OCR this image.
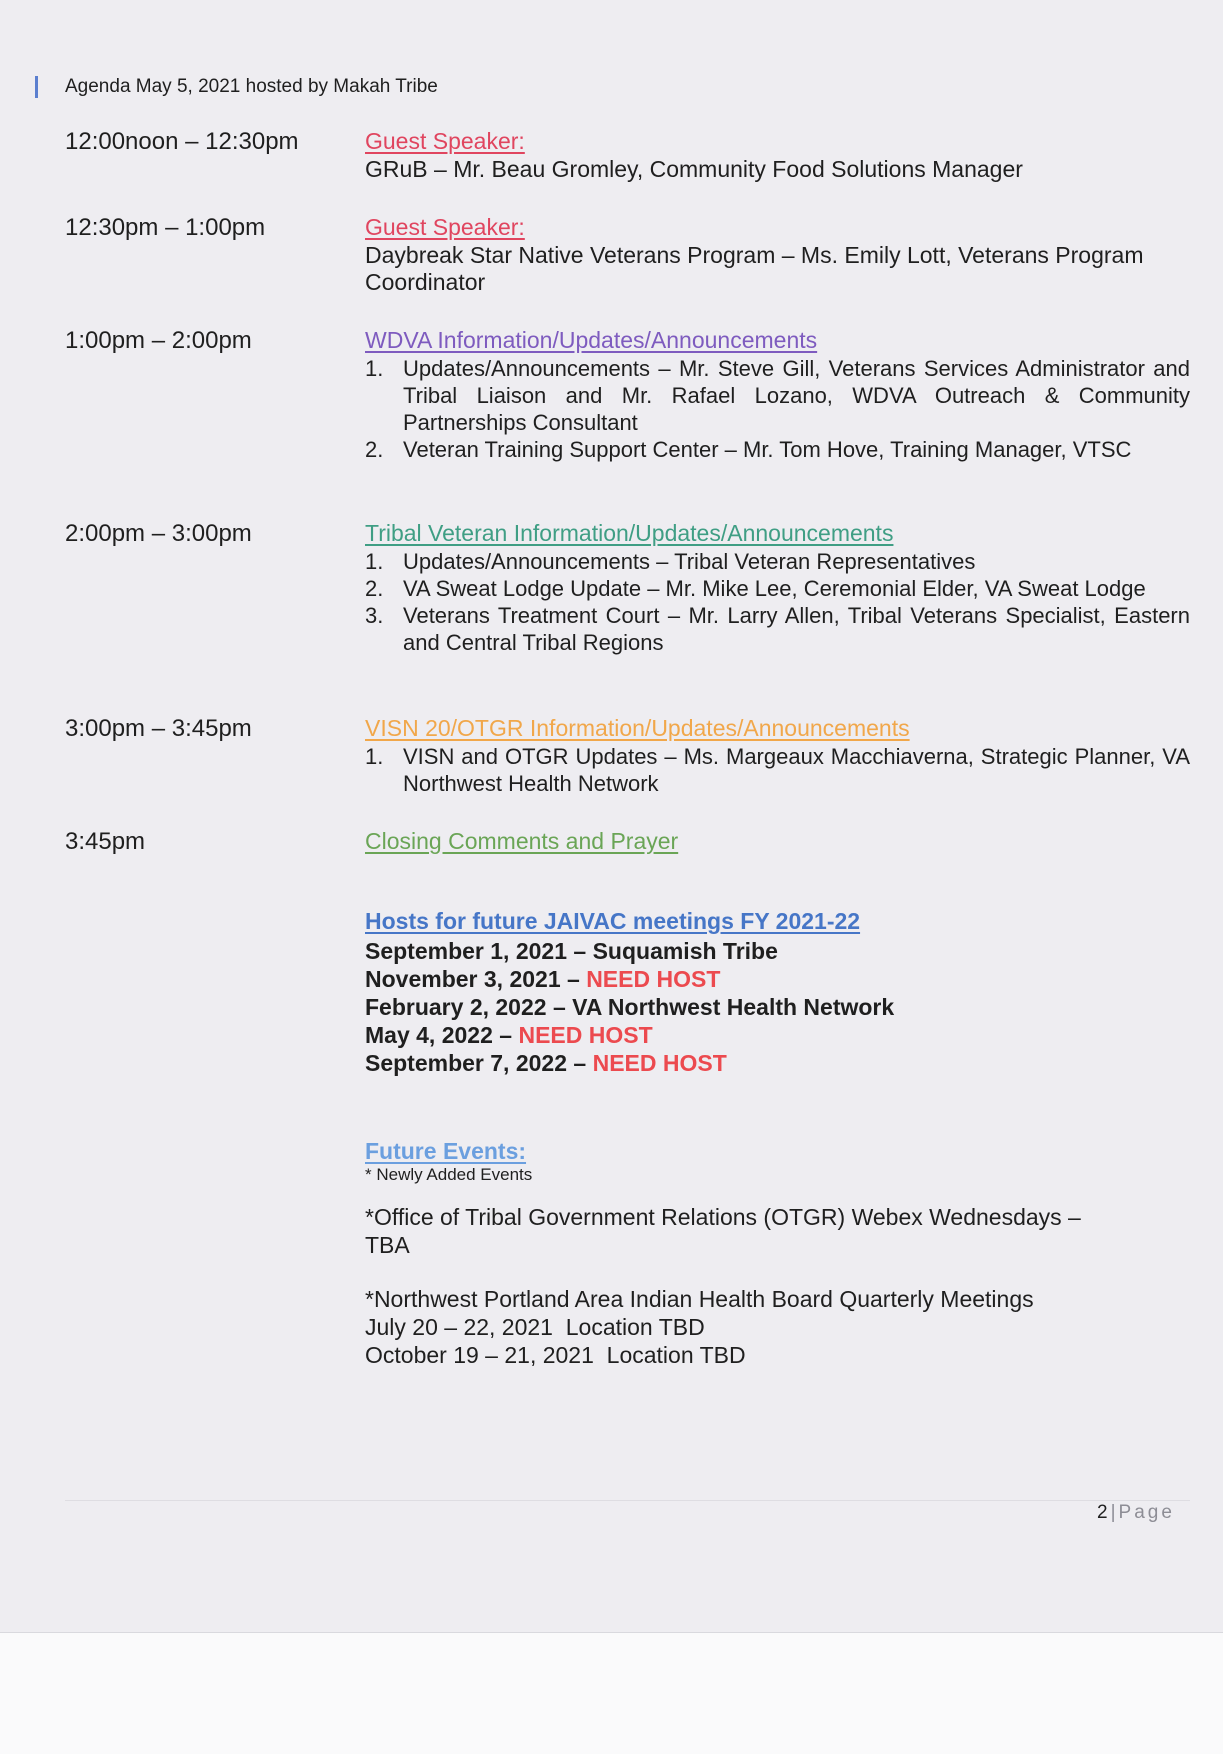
Agenda May 5, 2021 hosted by Makah Tribe
12:00noon – 12:30pm	Guest Speaker:
GRuB – Mr. Beau Gromley, Community Food Solutions Manager
12:30pm – 1:00pm	Guest Speaker:
Daybreak Star Native Veterans Program – Ms. Emily Lott, Veterans Program Coordinator
1:00pm – 2:00pm	WDVA Information/Updates/Announcements
1. Updates/Announcements – Mr. Steve Gill, Veterans Services Administrator and Tribal Liaison and Mr. Rafael Lozano, WDVA Outreach & Community Partnerships Consultant
2. Veteran Training Support Center – Mr. Tom Hove, Training Manager, VTSC
2:00pm – 3:00pm	Tribal Veteran Information/Updates/Announcements
1. Updates/Announcements – Tribal Veteran Representatives
2. VA Sweat Lodge Update – Mr. Mike Lee, Ceremonial Elder, VA Sweat Lodge
3. Veterans Treatment Court – Mr. Larry Allen, Tribal Veterans Specialist, Eastern and Central Tribal Regions
3:00pm – 3:45pm	VISN 20/OTGR Information/Updates/Announcements
1. VISN and OTGR Updates – Ms. Margeaux Macchiaverna, Strategic Planner, VA Northwest Health Network
3:45pm	Closing Comments and Prayer
Hosts for future JAIVAC meetings FY 2021-22
September 1, 2021 – Suquamish Tribe
November 3, 2021 – NEED HOST
February 2, 2022 – VA Northwest Health Network
May 4, 2022 – NEED HOST
September 7, 2022 – NEED HOST
Future Events:
* Newly Added Events
*Office of Tribal Government Relations (OTGR) Webex Wednesdays –
TBA
*Northwest Portland Area Indian Health Board Quarterly Meetings
July 20 – 22, 2021  Location TBD
October 19 – 21, 2021  Location TBD
2|Page
